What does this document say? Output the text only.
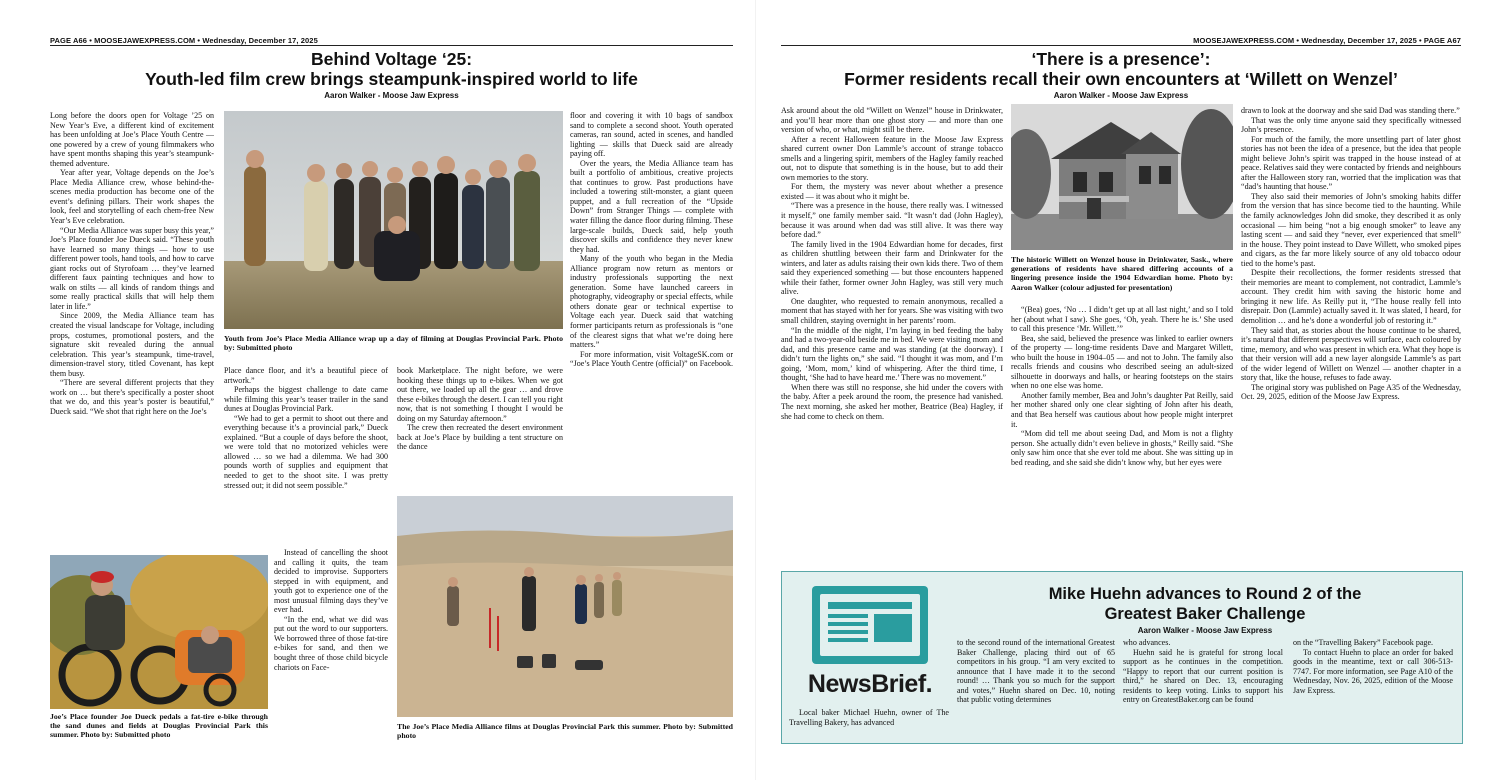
PAGE A66 • MOOSEJAWEXPRESS.COM • Wednesday, December 17, 2025
Behind Voltage ‘25:
Youth-led film crew brings steampunk-inspired world to life
Aaron Walker - Moose Jaw Express

Long before the doors open for Voltage ’25 on New Year’s Eve, a different kind of excitement has been unfolding at Joe’s Place Youth Centre — one powered by a crew of young filmmakers who have spent months shaping this year’s steampunk-themed adventure.

Year after year, Voltage depends on the Joe’s Place Media Alliance crew, whose behind-the-scenes media production has become one of the event’s defining pillars. Their work shapes the look, feel and storytelling of each chem-free New Year’s Eve celebration.

“Our Media Alliance was super busy this year,” Joe’s Place founder Joe Dueck said. “These youth have learned so many things — how to use different power tools, hand tools, and how to carve giant rocks out of Styrofoam … they’ve learned different faux painting techniques and how to walk on stilts — all kinds of random things and some really practical skills that will help them later in life.”

Since 2009, the Media Alliance team has created the visual landscape for Voltage, including props, costumes, promotional posters, and the signature skit revealed during the annual celebration. This year’s steampunk, time-travel, dimension-travel story, titled Covenant, has kept them busy.

“There are several different projects that they work on … but there’s specifically a poster shoot that we do, and this year’s poster is beautiful,” Dueck said. “We shot that right here on the Joe’s

Youth from Joe’s Place Media Alliance wrap up a day of filming at Douglas Provincial Park. Photo by: Submitted photo

Place dance floor, and it’s a beautiful piece of artwork.”

Perhaps the biggest challenge to date came while filming this year’s teaser trailer in the sand dunes at Douglas Provincial Park.

“We had to get a permit to shoot out there and everything because it’s a provincial park,” Dueck explained. “But a couple of days before the shoot, we were told that no motorized vehicles were allowed … so we had a dilemma. We had 300 pounds worth of supplies and equipment that needed to get to the shoot site. I was pretty stressed out; it did not seem possible.”

book Marketplace. The night before, we were hooking these things up to e-bikes. When we got out there, we loaded up all the gear … and drove these e-bikes through the desert. I can tell you right now, that is not something I thought I would be doing on my Saturday afternoon.”

The crew then recreated the desert environment back at Joe’s Place by building a tent structure on the dance

floor and covering it with 10 bags of sandbox sand to complete a second shoot. Youth operated cameras, ran sound, acted in scenes, and handled lighting — skills that Dueck said are already paying off.

Over the years, the Media Alliance team has built a portfolio of ambitious, creative projects that continues to grow. Past productions have included a towering stilt-monster, a giant queen puppet, and a full recreation of the “Upside Down” from Stranger Things — complete with water filling the dance floor during filming. These large-scale builds, Dueck said, help youth discover skills and confidence they never knew they had.

Many of the youth who began in the Media Alliance program now return as mentors or industry professionals supporting the next generation. Some have launched careers in photography, videography or special effects, while others donate gear or technical expertise to Voltage each year. Dueck said that watching former participants return as professionals is “one of the clearest signs that what we’re doing here matters.”

For more information, visit VoltageSK.com or “Joe’s Place Youth Centre (official)” on Facebook.

Joe’s Place founder Joe Dueck pedals a fat-tire e-bike through the sand dunes and fields at Douglas Provincial Park this summer. Photo by: Submitted photo

Instead of cancelling the shoot and calling it quits, the team decided to improvise. Supporters stepped in with equipment, and youth got to experience one of the most unusual filming days they’ve ever had.

“In the end, what we did was put out the word to our supporters. We borrowed three of those fat-tire e-bikes for sand, and then we bought three of those child bicycle chariots on Face-

The Joe’s Place Media Alliance films at Douglas Provincial Park this summer. Photo by: Submitted photo
MOOSEJAWEXPRESS.COM • Wednesday, December 17, 2025 • PAGE A67
‘There is a presence’:
Former residents recall their own encounters at ‘Willett on Wenzel’
Aaron Walker - Moose Jaw Express

Ask around about the old “Willett on Wenzel” house in Drinkwater, and you’ll hear more than one ghost story — and more than one version of who, or what, might still be there.

After a recent Halloween feature in the Moose Jaw Express shared current owner Don Lammle’s account of strange tobacco smells and a lingering spirit, members of the Hagley family reached out, not to dispute that something is in the house, but to add their own memories to the story.

For them, the mystery was never about whether a presence existed — it was about who it might be.

“There was a presence in the house, there really was. I witnessed it myself,” one family member said. “It wasn’t dad (John Hagley), because it was around when dad was still alive. It was there way before dad.”

The family lived in the 1904 Edwardian home for decades, first as children shuttling between their farm and Drinkwater for the winters, and later as adults raising their own kids there. Two of them said they experienced something — but those encounters happened while their father, former owner John Hagley, was still very much alive.

One daughter, who requested to remain anonymous, recalled a moment that has stayed with her for years. She was visiting with two small children, staying overnight in her parents’ room.

“In the middle of the night, I’m laying in bed feeding the baby and had a two-year-old beside me in bed. We were visiting mom and dad, and this presence came and was standing (at the doorway). I didn’t turn the lights on,” she said. “I thought it was mom, and I’m going, ‘Mom, mom,’ kind of whispering. After the third time, I thought, ‘She had to have heard me.’ There was no movement.”

When there was still no response, she hid under the covers with the baby. After a peek around the room, the presence had vanished. The next morning, she asked her mother, Beatrice (Bea) Hagley, if she had come to check on them.

The historic Willett on Wenzel house in Drinkwater, Sask., where generations of residents have shared differing accounts of a lingering presence inside the 1904 Edwardian home. Photo by: Aaron Walker (colour adjusted for presentation)

“(Bea) goes, ‘No … I didn’t get up at all last night,’ and so I told her (about what I saw). She goes, ‘Oh, yeah. There he is.’ She used to call this presence ‘Mr. Willett.’”

Bea, she said, believed the presence was linked to earlier owners of the property — long-time residents Dave and Margaret Willett, who built the house in 1904–05 — and not to John. The family also recalls friends and cousins who described seeing an adult-sized silhouette in doorways and halls, or hearing footsteps on the stairs when no one else was home.

Another family member, Bea and John’s daughter Pat Reilly, said her mother shared only one clear sighting of John after his death, and that Bea herself was cautious about how people might interpret it.

“Mom did tell me about seeing Dad, and Mom is not a flighty person. She actually didn’t even believe in ghosts,” Reilly said. “She only saw him once that she ever told me about. She was sitting up in bed reading, and she said she didn’t know why, but her eyes were

drawn to look at the doorway and she said Dad was standing there.”

That was the only time anyone said they specifically witnessed John’s presence.

For much of the family, the more unsettling part of later ghost stories has not been the idea of a presence, but the idea that people might believe John’s spirit was trapped in the house instead of at peace. Relatives said they were contacted by friends and neighbours after the Halloween story ran, worried that the implication was that “dad’s haunting that house.”

They also said their memories of John’s smoking habits differ from the version that has since become tied to the haunting. While the family acknowledges John did smoke, they described it as only occasional — him being “not a big enough smoker” to leave any lasting scent — and said they “never, ever experienced that smell” in the house. They point instead to Dave Willett, who smoked pipes and cigars, as the far more likely source of any old tobacco odour tied to the home’s past.

Despite their recollections, the former residents stressed that their memories are meant to complement, not contradict, Lammle’s account. They credit him with saving the historic home and bringing it new life. As Reilly put it, “The house really fell into disrepair. Don (Lammle) actually saved it. It was slated, I heard, for demolition … and he’s done a wonderful job of restoring it.”

They said that, as stories about the house continue to be shared, it’s natural that different perspectives will surface, each coloured by time, memory, and who was present in which era. What they hope is that their version will add a new layer alongside Lammle’s as part of the wider legend of Willett on Wenzel — another chapter in a story that, like the house, refuses to fade away.

The original story was published on Page A35 of the Wednesday, Oct. 29, 2025, edition of the Moose Jaw Express.

NewsBrief.
Mike Huehn advances to Round 2 of the
Greatest Baker Challenge
Aaron Walker - Moose Jaw Express

Local baker Michael Huehn, owner of The Travelling Bakery, has advanced

to the second round of the international Greatest Baker Challenge, placing third out of 65 competitors in his group. “I am very excited to announce that I have made it to the second round! … Thank you so much for the support and votes,” Huehn shared on Dec. 10, noting that public voting determines

who advances.

Huehn said he is grateful for strong local support as he continues in the competition. “Happy to report that our current position is third,” he shared on Dec. 13, encouraging residents to keep voting. Links to support his entry on GreatestBaker.org can be found

on the “Travelling Bakery” Facebook page.

To contact Huehn to place an order for baked goods in the meantime, text or call 306-513-7747. For more information, see Page A10 of the Wednesday, Nov. 26, 2025, edition of the Moose Jaw Express.
